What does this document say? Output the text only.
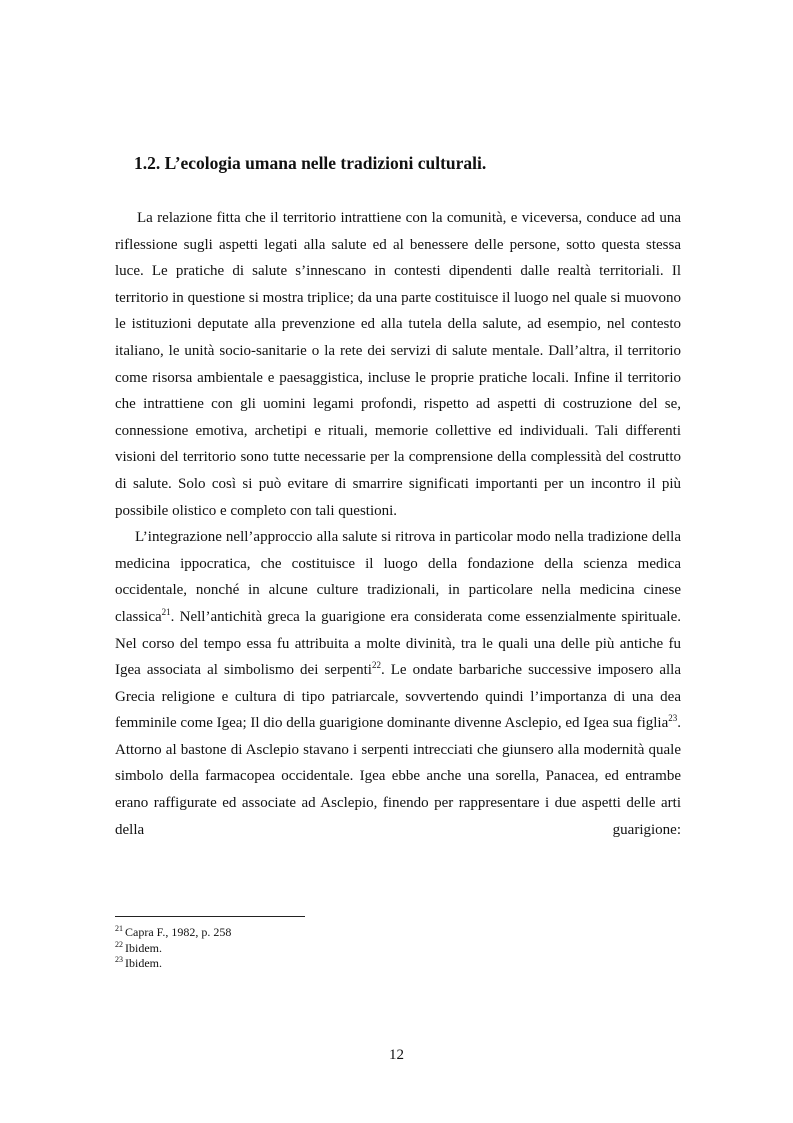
1.2. L’ecologia umana nelle tradizioni culturali.

La relazione fitta che il territorio intrattiene con la comunità, e viceversa, conduce ad una riflessione sugli aspetti legati alla salute ed al benessere delle persone, sotto questa stessa luce. Le pratiche di salute s’innescano in contesti dipendenti dalle realtà territoriali. Il territorio in questione si mostra triplice; da una parte costituisce il luogo nel quale si muovono le istituzioni deputate alla prevenzione ed alla tutela della salute, ad esempio, nel contesto italiano, le unità socio-sanitarie o la rete dei servizi di salute mentale. Dall’altra, il territorio come risorsa ambientale e paesaggistica, incluse le proprie pratiche locali. Infine il territorio che intrattiene con gli uomini legami profondi, rispetto ad aspetti di costruzione del se, connessione emotiva, archetipi e rituali, memorie collettive ed individuali. Tali differenti visioni del territorio sono tutte necessarie per la comprensione della complessità del costrutto di salute. Solo così si può evitare di smarrire significati importanti per un incontro il più possibile olistico e completo con tali questioni.

L’integrazione nell’approccio alla salute si ritrova in particolar modo nella tradizione della medicina ippocratica, che costituisce il luogo della fondazione della scienza medica occidentale, nonché in alcune culture tradizionali, in particolare nella medicina cinese classica$^{21}$. Nell’antichità greca la guarigione era considerata come essenzialmente spirituale. Nel corso del tempo essa fu attribuita a molte divinità, tra le quali una delle più antiche fu Igea associata al simbolismo dei serpenti$^{22}$. Le ondate barbariche successive imposero alla Grecia religione e cultura di tipo patriarcale, sovvertendo quindi l’importanza di una dea femminile come Igea; Il dio della guarigione dominante divenne Asclepio, ed Igea sua figlia$^{23}$. Attorno al bastone di Asclepio stavano i serpenti intrecciati che giunsero alla modernità quale simbolo della farmacopea occidentale. Igea ebbe anche una sorella, Panacea, ed entrambe erano raffigurate ed associate ad Asclepio, finendo per rappresentare i due aspetti delle arti della guarigione:

$^{21}$ Capra F., 1982, p. 258
$^{22}$ Ibidem.
$^{23}$ Ibidem.
12
